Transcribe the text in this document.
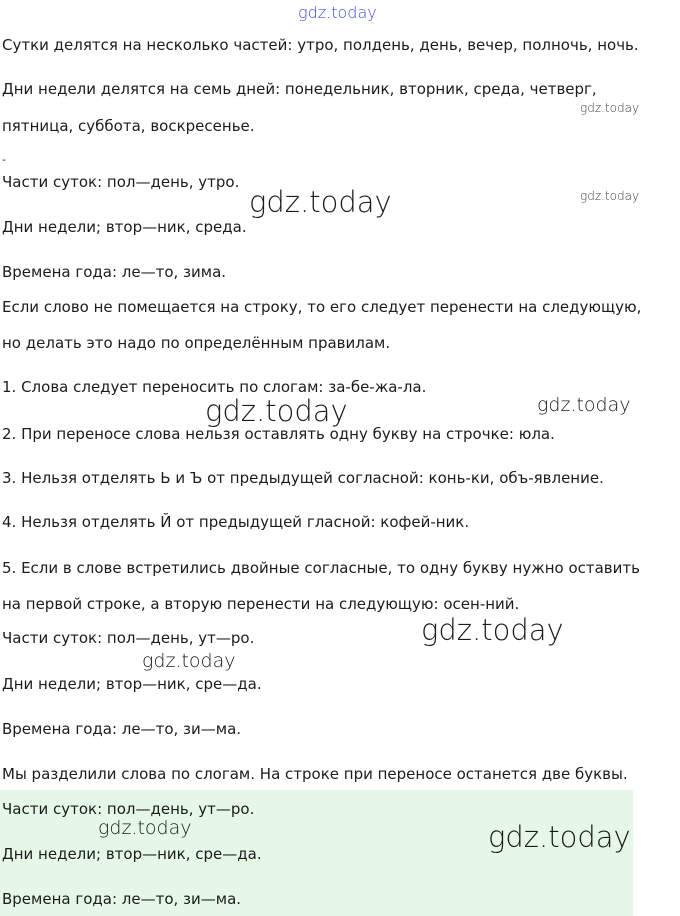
gdz.today
Сутки делятся на несколько частей: утро, полдень, день, вечер, полночь, ночь.
Дни недели делятся на семь дней: понедельник, вторник, среда, четверг,
gdz.today
пятница, суббота, воскресенье.
-
Части суток: пол—день, утро.
gdz.today	gdz.today
Дни недели; втор—ник, среда.
Времена года: ле—то, зима.
Если слово не помещается на строку, то его следует перенести на следующую,
но делать это надо по определённым правилам.
1. Слова следует переносить по слогам: за-бе-жа-ла.
gdz.today	gdz.today
2. При переносе слова нельзя оставлять одну букву на строчке: юла.
3. Нельзя отделять Ь и Ъ от предыдущей согласной: конь-ки, объ-явление.
4. Нельзя отделять Й от предыдущей гласной: кофей-ник.
5. Если в слове встретились двойные согласные, то одну букву нужно оставить
на первой строке, а вторую перенести на следующую: осен-ний.
gdz.today
Части суток: пол—день, ут—ро.
gdz.today
Дни недели; втор—ник, сре—да.
Времена года: ле—то, зи—ма.
Мы разделили слова по слогам. На строке при переносе останется две буквы.
Части суток: пол—день, ут—ро.
gdz.today	gdz.today
Дни недели; втор—ник, сре—да.
Времена года: ле—то, зи—ма.
